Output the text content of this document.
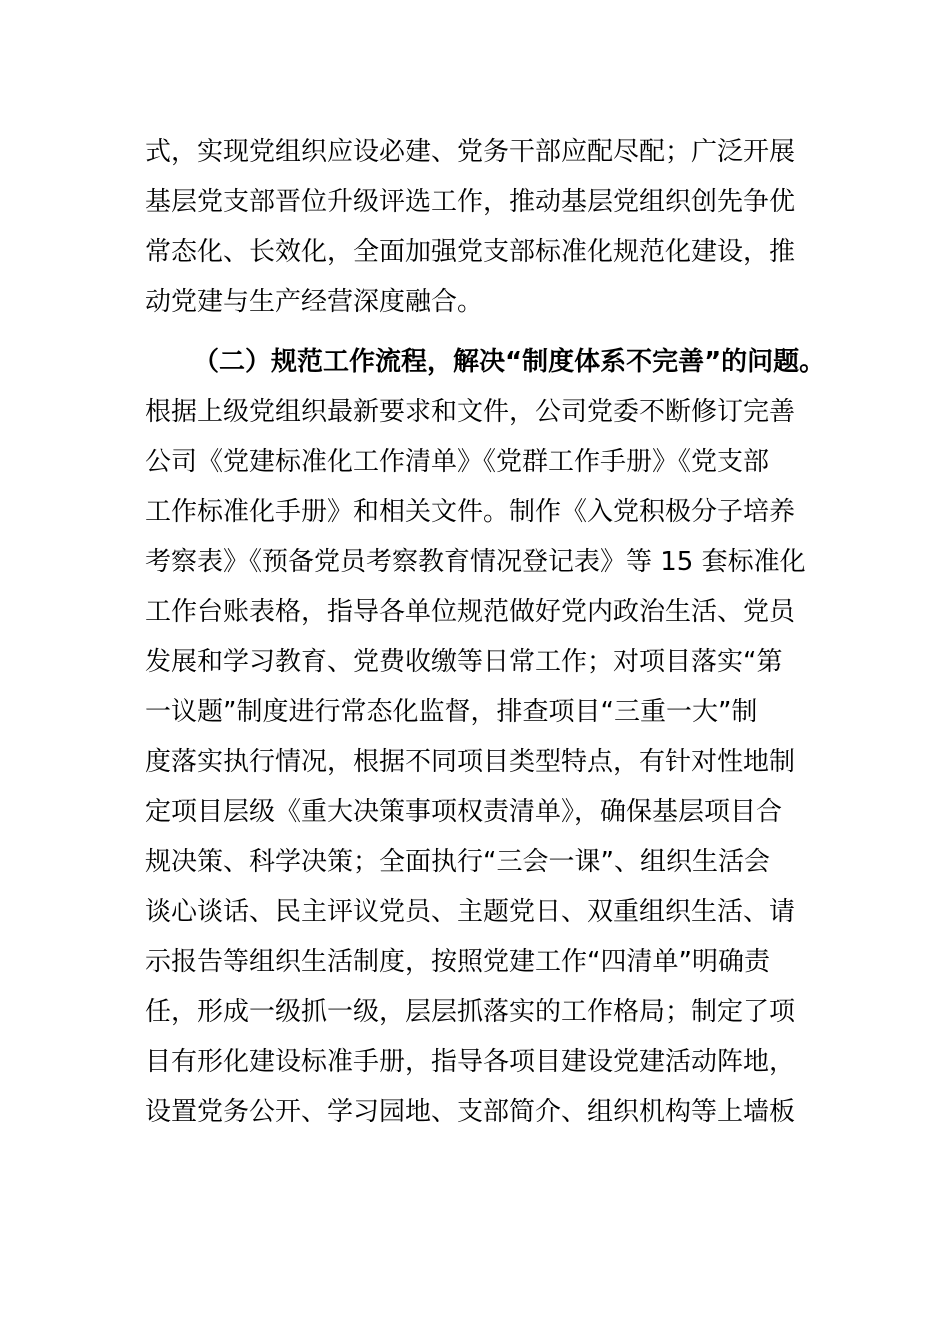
式，实现党组织应设必建、党务干部应配尽配；广泛开展
基层党支部晋位升级评选工作，推动基层党组织创先争优
常态化、长效化，全面加强党支部标准化规范化建设，推
动党建与生产经营深度融合。
（二）规范工作流程，解决“制度体系不完善”的问题。
根据上级党组织最新要求和文件，公司党委不断修订完善
公司《党建标准化工作清单》《党群工作手册》《党支部
工作标准化手册》和相关文件。制作《入党积极分子培养
考察表》《预备党员考察教育情况登记表》等 15 套标准化
工作台账表格，指导各单位规范做好党内政治生活、党员
发展和学习教育、党费收缴等日常工作；对项目落实“第
一议题”制度进行常态化监督，排查项目“三重一大”制
度落实执行情况，根据不同项目类型特点，有针对性地制
定项目层级《重大决策事项权责清单》，确保基层项目合
规决策、科学决策；全面执行“三会一课”、组织生活会
谈心谈话、民主评议党员、主题党日、双重组织生活、请
示报告等组织生活制度，按照党建工作“四清单”明确责
任，形成一级抓一级，层层抓落实的工作格局；制定了项
目有形化建设标准手册，指导各项目建设党建活动阵地，
设置党务公开、学习园地、支部简介、组织机构等上墙板
